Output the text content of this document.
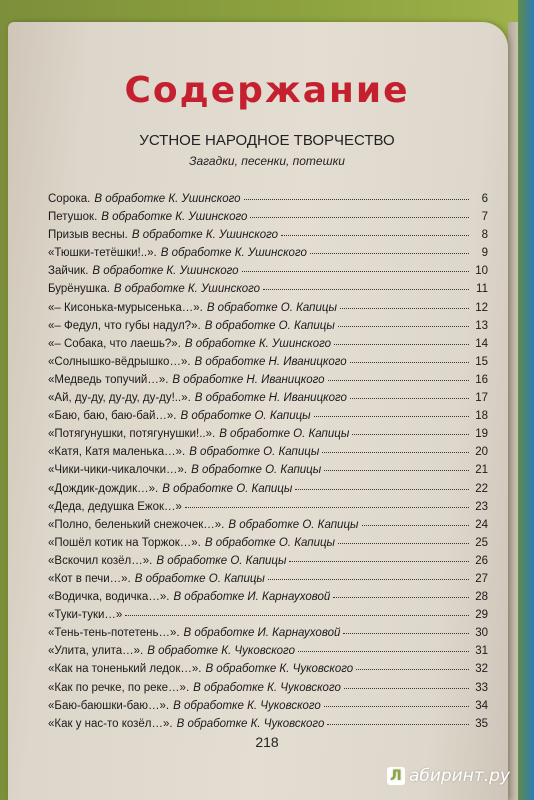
Содержание
УСТНОЕ НАРОДНОЕ ТВОРЧЕСТВО
Загадки, песенки, потешки
Сорока. В обработке К. Ушинского	6
Петушок. В обработке К. Ушинского	7
Призыв весны. В обработке К. Ушинского	8
«Тюшки-тетёшки!..». В обработке К. Ушинского	9
Зайчик. В обработке К. Ушинского	10
Бурёнушка. В обработке К. Ушинского	11
«– Кисонька-мурысенька…». В обработке О. Капицы	12
«– Федул, что губы надул?». В обработке О. Капицы	13
«– Собака, что лаешь?». В обработке К. Ушинского	14
«Солнышко-вёдрышко…». В обработке Н. Иваницкого	15
«Медведь топучий…». В обработке Н. Иваницкого	16
«Ай, ду-ду, ду-ду, ду-ду!..». В обработке Н. Иваницкого	17
«Баю, баю, баю-бай…». В обработке О. Капицы	18
«Потягунушки, потягунушки!..». В обработке О. Капицы	19
«Катя, Катя маленька…». В обработке О. Капицы	20
«Чики-чики-чикалочки…». В обработке О. Капицы	21
«Дождик-дождик…». В обработке О. Капицы	22
«Деда, дедушка Ежок…»	23
«Полно, беленький снежочек…». В обработке О. Капицы	24
«Пошёл котик на Торжок…». В обработке О. Капицы	25
«Вскочил козёл…». В обработке О. Капицы	26
«Кот в печи…». В обработке О. Капицы	27
«Водичка, водичка…». В обработке И. Карнауховой	28
«Туки-туки…»	29
«Тень-тень-потетень…». В обработке И. Карнауховой	30
«Улита, улита…». В обработке К. Чуковского	31
«Как на тоненький ледок…». В обработке К. Чуковского	32
«Как по речке, по реке…». В обработке К. Чуковского	33
«Баю-баюшки-баю…». В обработке К. Чуковского	34
«Как у нас-то козёл…». В обработке К. Чуковского	35
218
Л абиринт.ру
